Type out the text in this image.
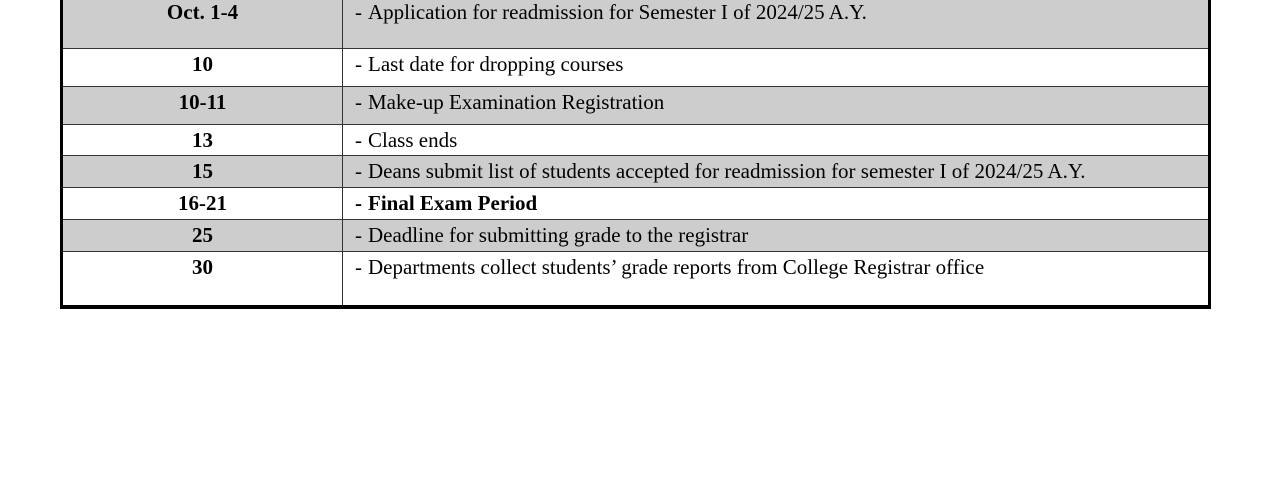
Oct. 1-4	- Application for readmission for Semester I of 2024/25 A.Y.
10	- Last date for dropping courses
10-11	- Make-up Examination Registration
13	- Class ends
15	- Deans submit list of students accepted for readmission for semester I of 2024/25 A.Y.
16-21	- Final Exam Period
25	- Deadline for submitting grade to the registrar
30	- Departments collect students’ grade reports from College Registrar office
